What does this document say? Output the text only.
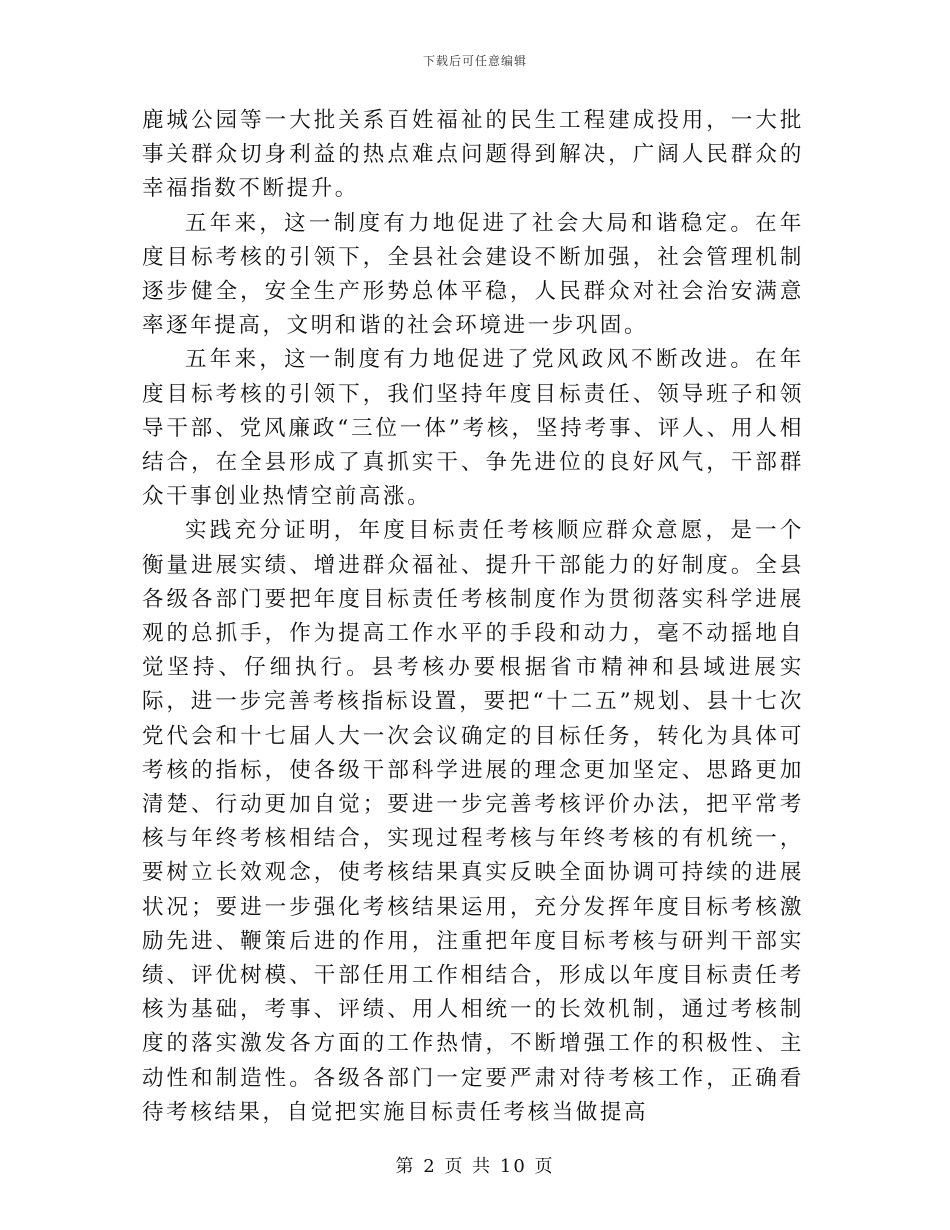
下载后可任意编辑

鹿城公园等一大批关系百姓福祉的民生工程建成投用，一大批事关群众切身利益的热点难点问题得到解决，广阔人民群众的幸福指数不断提升。

五年来，这一制度有力地促进了社会大局和谐稳定。在年度目标考核的引领下，全县社会建设不断加强，社会管理机制逐步健全，安全生产形势总体平稳，人民群众对社会治安满意率逐年提高，文明和谐的社会环境进一步巩固。

五年来，这一制度有力地促进了党风政风不断改进。在年度目标考核的引领下，我们坚持年度目标责任、领导班子和领导干部、党风廉政“三位一体”考核，坚持考事、评人、用人相结合，在全县形成了真抓实干、争先进位的良好风气，干部群众干事创业热情空前高涨。

实践充分证明，年度目标责任考核顺应群众意愿，是一个衡量进展实绩、增进群众福祉、提升干部能力的好制度。全县各级各部门要把年度目标责任考核制度作为贯彻落实科学进展观的总抓手，作为提高工作水平的手段和动力，毫不动摇地自觉坚持、仔细执行。县考核办要根据省市精神和县域进展实际，进一步完善考核指标设置，要把“十二五”规划、县十七次党代会和十七届人大一次会议确定的目标任务，转化为具体可考核的指标，使各级干部科学进展的理念更加坚定、思路更加清楚、行动更加自觉；要进一步完善考核评价办法，把平常考核与年终考核相结合，实现过程考核与年终考核的有机统一，要树立长效观念，使考核结果真实反映全面协调可持续的进展状况；要进一步强化考核结果运用，充分发挥年度目标考核激励先进、鞭策后进的作用，注重把年度目标考核与研判干部实绩、评优树模、干部任用工作相结合，形成以年度目标责任考核为基础，考事、评绩、用人相统一的长效机制，通过考核制度的落实激发各方面的工作热情，不断增强工作的积极性、主动性和制造性。各级各部门一定要严肃对待考核工作，正确看待考核结果，自觉把实施目标责任考核当做提高

第 2 页 共 10 页
